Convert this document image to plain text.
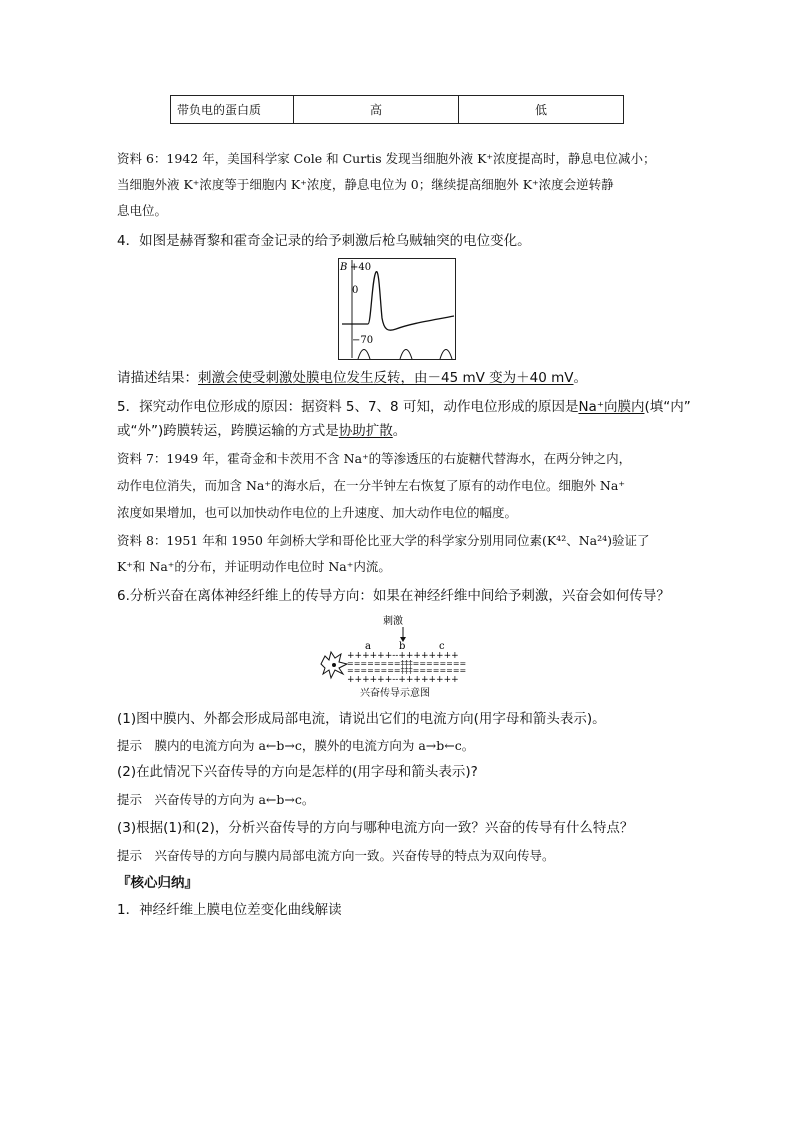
带负电的蛋白质	高	低
资料 6：1942 年，美国科学家 Cole 和 Curtis 发现当细胞外液 K⁺浓度提高时，静息电位减小；
当细胞外液 K⁺浓度等于细胞内 K⁺浓度，静息电位为 0；继续提高细胞外 K⁺浓度会逆转静
息电位。
4．如图是赫胥黎和霍奇金记录的给予刺激后枪乌贼轴突的电位变化。
B +40
0
−70
请描述结果：刺激会使受刺激处膜电位发生反转，由－45 mV 变为＋40 mV。
5．探究动作电位形成的原因：据资料 5、7、8 可知，动作电位形成的原因是Na⁺向膜内(填“内”
或“外”)跨膜转运，跨膜运输的方式是协助扩散。
资料 7：1949 年，霍奇金和卡茨用不含 Na⁺的等渗透压的右旋糖代替海水，在两分钟之内，
动作电位消失，而加含 Na⁺的海水后，在一分半钟左右恢复了原有的动作电位。细胞外 Na⁺
浓度如果增加，也可以加快动作电位的上升速度、加大动作电位的幅度。
资料 8：1951 年和 1950 年剑桥大学和哥伦比亚大学的科学家分别用同位素(K⁴²、Na²⁴)验证了
K⁺和 Na⁺的分布，并证明动作电位时 Na⁺内流。
6.分析兴奋在离体神经纤维上的传导方向：如果在神经纤维中间给予刺激，兴奋会如何传导？
刺激
a	b	c
++++++--++++++++
========‡‡‡========
========‡‡‡========
++++++--++++++++
兴奋传导示意图
(1)图中膜内、外都会形成局部电流，请说出它们的电流方向(用字母和箭头表示)。
提示　膜内的电流方向为 a←b→c，膜外的电流方向为 a→b←c。
(2)在此情况下兴奋传导的方向是怎样的(用字母和箭头表示)?
提示　兴奋传导的方向为 a←b→c。
(3)根据(1)和(2)，分析兴奋传导的方向与哪种电流方向一致？兴奋的传导有什么特点？
提示　兴奋传导的方向与膜内局部电流方向一致。兴奋传导的特点为双向传导。
『核心归纳』
1．神经纤维上膜电位差变化曲线解读
